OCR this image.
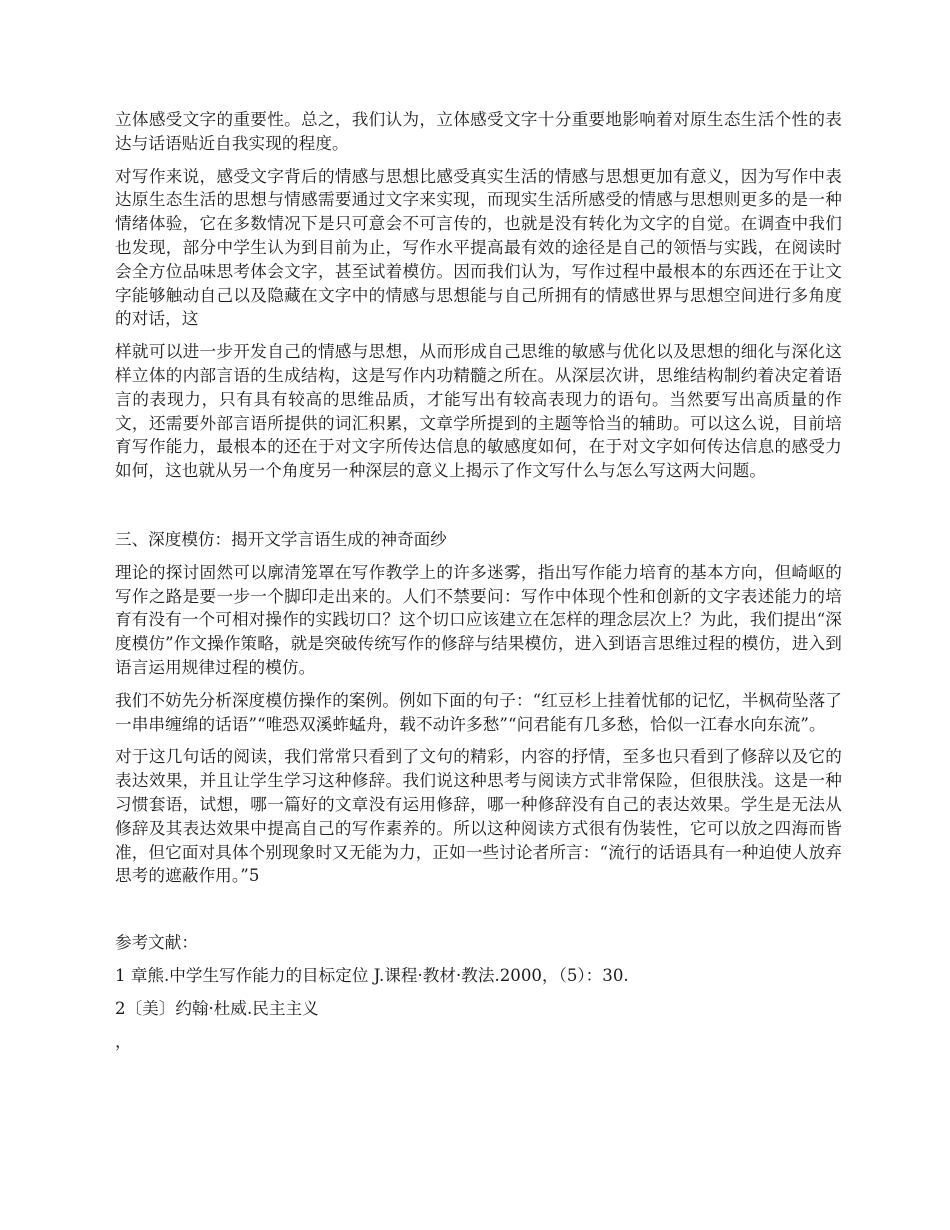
立体感受文字的重要性。总之，我们认为，立体感受文字十分重要地影响着对原生态生活个性的表达与话语贴近自我实现的程度。

对写作来说，感受文字背后的情感与思想比感受真实生活的情感与思想更加有意义，因为写作中表达原生态生活的思想与情感需要通过文字来实现，而现实生活所感受的情感与思想则更多的是一种情绪体验，它在多数情况下是只可意会不可言传的，也就是没有转化为文字的自觉。在调查中我们也发现，部分中学生认为到目前为止，写作水平提高最有效的途径是自己的领悟与实践，在阅读时会全方位品味思考体会文字，甚至试着模仿。因而我们认为，写作过程中最根本的东西还在于让文字能够触动自己以及隐藏在文字中的情感与思想能与自己所拥有的情感世界与思想空间进行多角度的对话，这

样就可以进一步开发自己的情感与思想，从而形成自己思维的敏感与优化以及思想的细化与深化这样立体的内部言语的生成结构，这是写作内功精髓之所在。从深层次讲，思维结构制约着决定着语言的表现力，只有具有较高的思维品质，才能写出有较高表现力的语句。当然要写出高质量的作文，还需要外部言语所提供的词汇积累，文章学所提到的主题等恰当的辅助。可以这么说，目前培育写作能力，最根本的还在于对文字所传达信息的敏感度如何，在于对文字如何传达信息的感受力如何，这也就从另一个角度另一种深层的意义上揭示了作文写什么与怎么写这两大问题。

三、深度模仿：揭开文学言语生成的神奇面纱

理论的探讨固然可以廓清笼罩在写作教学上的许多迷雾，指出写作能力培育的基本方向，但崎岖的写作之路是要一步一个脚印走出来的。人们不禁要问：写作中体现个性和创新的文字表述能力的培育有没有一个可相对操作的实践切口？这个切口应该建立在怎样的理念层次上？为此，我们提出“深度模仿”作文操作策略，就是突破传统写作的修辞与结果模仿，进入到语言思维过程的模仿，进入到语言运用规律过程的模仿。

我们不妨先分析深度模仿操作的案例。例如下面的句子：“红豆杉上挂着忧郁的记忆，半枫荷坠落了一串串缠绵的话语”“唯恐双溪蚱蜢舟，载不动许多愁”“问君能有几多愁，恰似一江春水向东流”。

对于这几句话的阅读，我们常常只看到了文句的精彩，内容的抒情，至多也只看到了修辞以及它的表达效果，并且让学生学习这种修辞。我们说这种思考与阅读方式非常保险，但很肤浅。这是一种习惯套语，试想，哪一篇好的文章没有运用修辞，哪一种修辞没有自己的表达效果。学生是无法从修辞及其表达效果中提高自己的写作素养的。所以这种阅读方式很有伪装性，它可以放之四海而皆准，但它面对具体个别现象时又无能为力，正如一些讨论者所言：“流行的话语具有一种迫使人放弃思考的遮蔽作用。”5

参考文献：

1 章熊.中学生写作能力的目标定位 J.课程·教材·教法.2000，（5）：30.

2〔美〕约翰·杜威.民主主义

，
